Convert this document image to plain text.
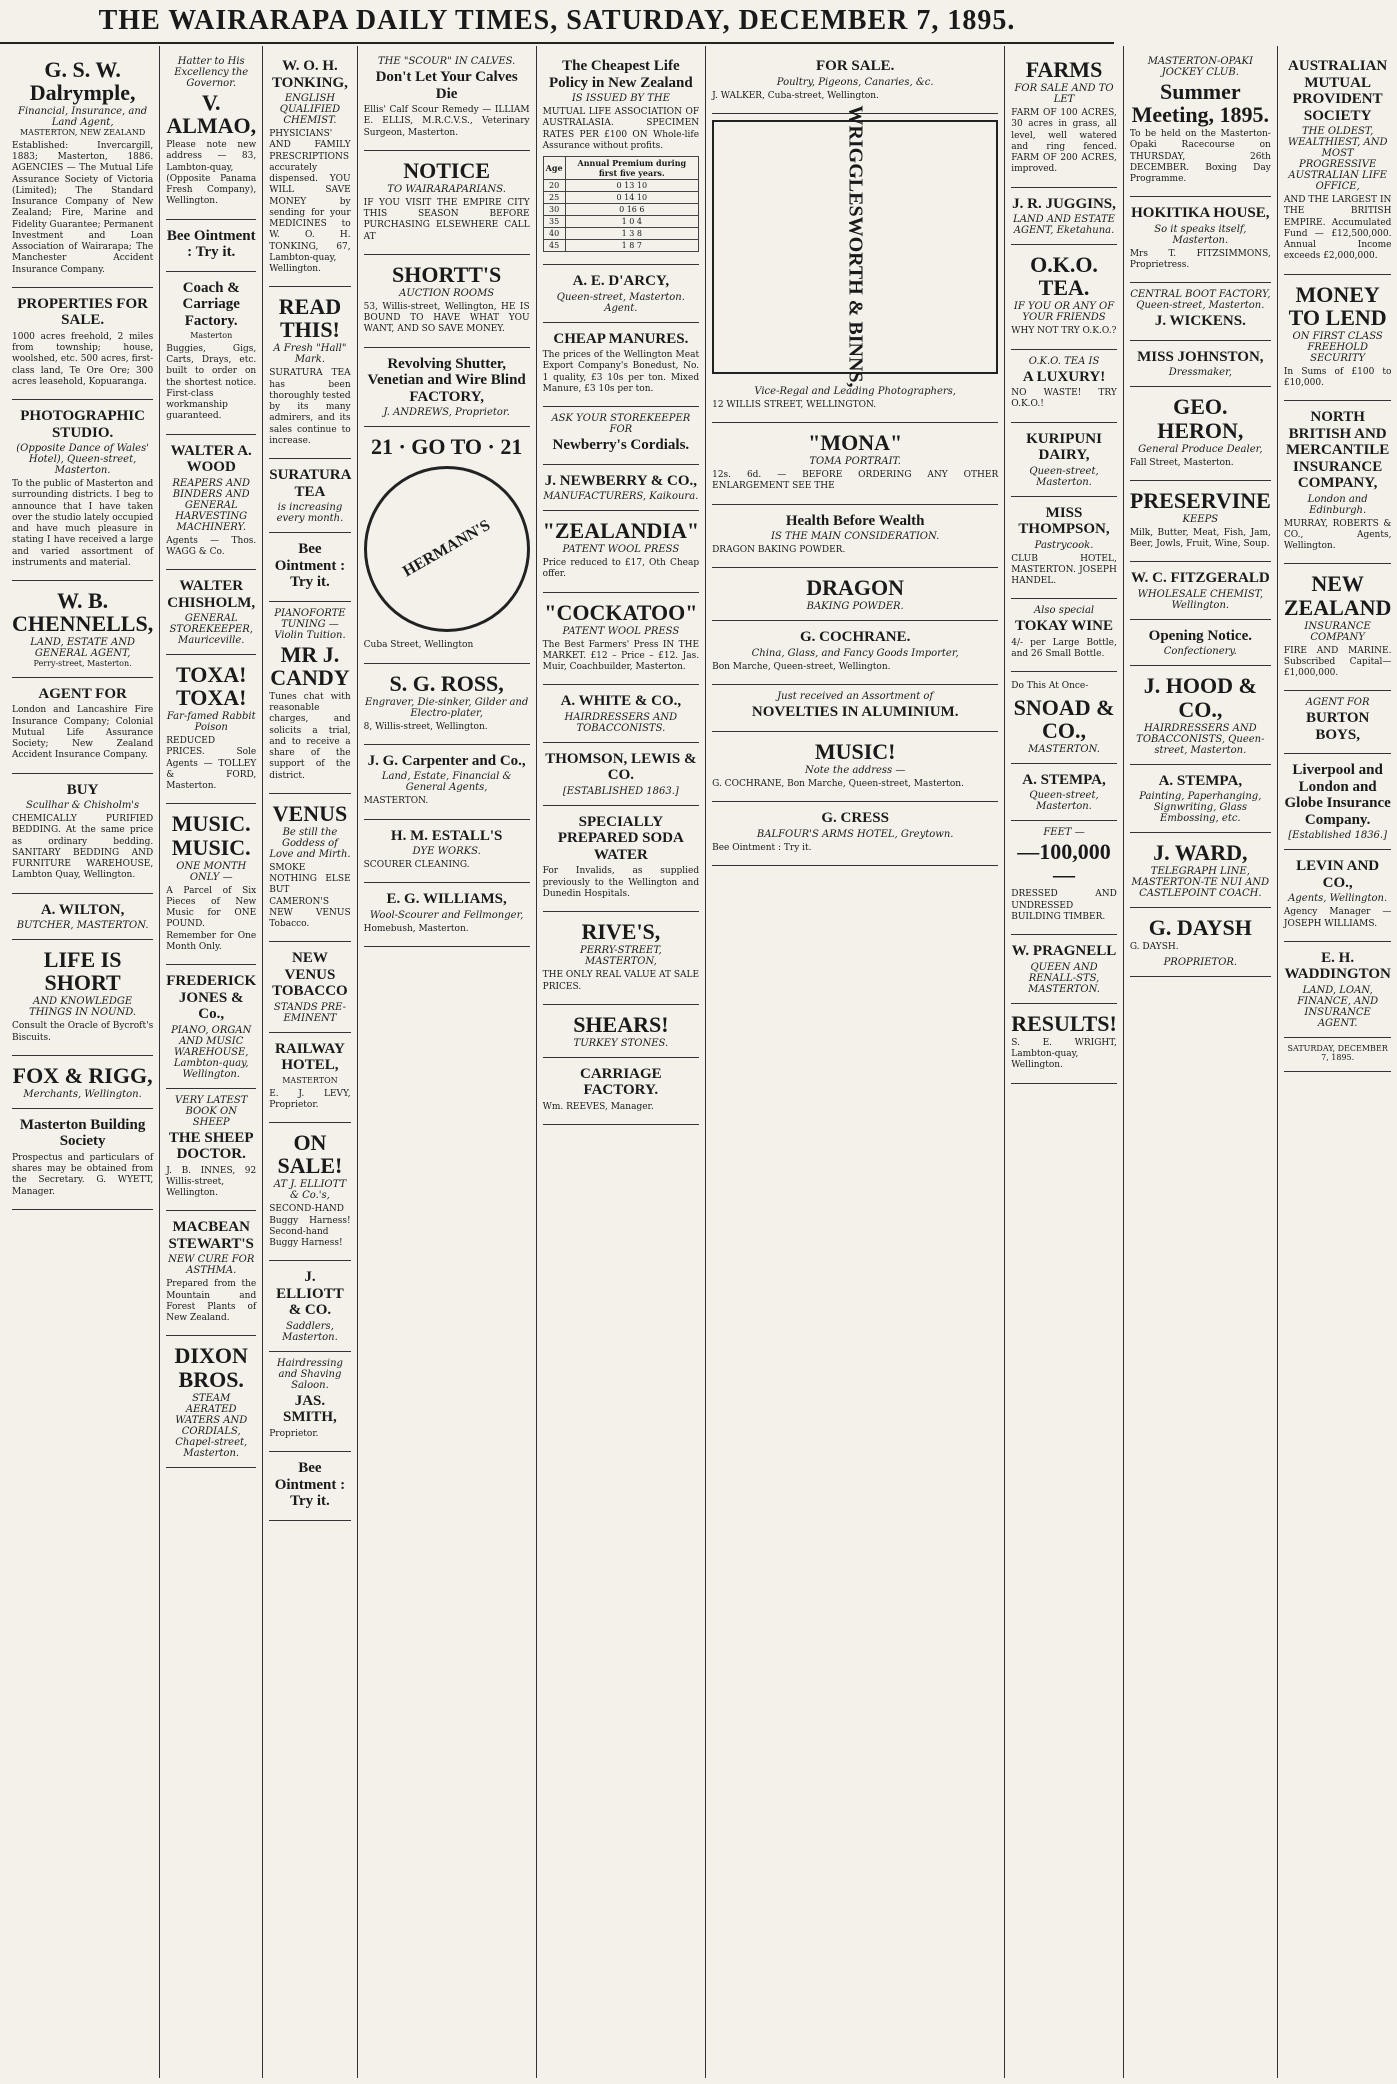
THE WAIRARAPA DAILY TIMES, SATURDAY, DECEMBER 7, 1895.
G. S. W. Dalrymple,
Financial, Insurance, and Land Agent,
MASTERTON, NEW ZEALAND

Established: Invercargill, 1883; Masterton, 1886. AGENCIES — The Mutual Life Assurance Society of Victoria (Limited); The Standard Insurance Company of New Zealand; Fire, Marine and Fidelity Guarantee; Permanent Investment and Loan Association of Wairarapa; The Manchester Accident Insurance Company.

PROPERTIES FOR SALE.

1000 acres freehold, 2 miles from township; house, woolshed, etc. 500 acres, first-class land, Te Ore Ore; 300 acres leasehold, Kopuaranga.

PHOTOGRAPHIC STUDIO.
(Opposite Dance of Wales' Hotel), Queen-street, Masterton.

To the public of Masterton and surrounding districts. I beg to announce that I have taken over the studio lately occupied and have much pleasure in stating I have received a large and varied assortment of instruments and material.

W. B. CHENNELLS,
LAND, ESTATE AND GENERAL AGENT,
Perry-street, Masterton.
AGENT FOR

London and Lancashire Fire Insurance Company; Colonial Mutual Life Assurance Society; New Zealand Accident Insurance Company.

BUY
Scullhar & Chisholm's

CHEMICALLY PURIFIED BEDDING. At the same price as ordinary bedding. SANITARY BEDDING AND FURNITURE WAREHOUSE, Lambton Quay, Wellington.

A. WILTON,
BUTCHER, MASTERTON.
LIFE IS SHORT
AND KNOWLEDGE THINGS IN NOUND.

Consult the Oracle of Bycroft's Biscuits.

FOX & RIGG,
Merchants, Wellington.
Masterton Building Society

Prospectus and particulars of shares may be obtained from the Secretary. G. WYETT, Manager.

Hatter to His Excellency the Governor.
V. ALMAO,

Please note new address — 83, Lambton-quay, (Opposite Panama Fresh Company), Wellington.

Bee Ointment : Try it.
Coach & Carriage Factory.
Masterton

Buggies, Gigs, Carts, Drays, etc. built to order on the shortest notice. First-class workmanship guaranteed.

WALTER A. WOOD
REAPERS AND BINDERS AND GENERAL HARVESTING MACHINERY.

Agents — Thos. WAGG & Co.

WALTER CHISHOLM,
GENERAL STOREKEEPER, Mauriceville.
TOXA! TOXA!
Far-famed Rabbit Poison

REDUCED PRICES. Sole Agents — TOLLEY & FORD, Masterton.

MUSIC. MUSIC.
ONE MONTH ONLY —

A Parcel of Six Pieces of New Music for ONE POUND. Remember for One Month Only.

FREDERICK JONES & Co.,
PIANO, ORGAN AND MUSIC WAREHOUSE, Lambton-quay, Wellington.
VERY LATEST BOOK ON SHEEP
THE SHEEP DOCTOR.

J. B. INNES, 92 Willis-street, Wellington.

MACBEAN STEWART'S
NEW CURE FOR ASTHMA.

Prepared from the Mountain and Forest Plants of New Zealand.

DIXON BROS.
STEAM AERATED WATERS AND CORDIALS, Chapel-street, Masterton.
W. O. H. TONKING,
ENGLISH QUALIFIED CHEMIST.

PHYSICIANS' AND FAMILY PRESCRIPTIONS accurately dispensed. YOU WILL SAVE MONEY by sending for your MEDICINES to W. O. H. TONKING, 67, Lambton-quay, Wellington.

READ THIS!
A Fresh "Hall" Mark.

SURATURA TEA has been thoroughly tested by its many admirers, and its sales continue to increase.

SURATURA TEA
is increasing every month.
Bee Ointment : Try it.
PIANOFORTE TUNING — Violin Tuition.
MR J. CANDY

Tunes chat with reasonable charges, and solicits a trial, and to receive a share of the support of the district.

VENUS
Be still the Goddess of Love and Mirth.

SMOKE NOTHING ELSE BUT CAMERON'S NEW VENUS Tobacco.

NEW VENUS TOBACCO
STANDS PRE-EMINENT
RAILWAY HOTEL,
MASTERTON

E. J. LEVY, Proprietor.

ON SALE!
AT J. ELLIOTT & Co.'s,

SECOND-HAND Buggy Harness! Second-hand Buggy Harness!

J. ELLIOTT & CO.
Saddlers, Masterton.
Hairdressing and Shaving Saloon.
JAS. SMITH,

Proprietor.

Bee Ointment : Try it.
THE "SCOUR" IN CALVES.
Don't Let Your Calves Die

Ellis' Calf Scour Remedy — ILLIAM E. ELLIS, M.R.C.V.S., Veterinary Surgeon, Masterton.

NOTICE
TO WAIRARAPARIANS.

IF YOU VISIT THE EMPIRE CITY THIS SEASON BEFORE PURCHASING ELSEWHERE CALL AT

SHORTT'S
AUCTION ROOMS

53, Willis-street, Wellington, HE IS BOUND TO HAVE WHAT YOU WANT, AND SO SAVE MONEY.

Revolving Shutter, Venetian and Wire Blind FACTORY,
J. ANDREWS, Proprietor.
21 · GO TO · 21
HERMANN'S

Cuba Street, Wellington

S. G. ROSS,
Engraver, Die-sinker, Gilder and Electro-plater,

8, Willis-street, Wellington.

J. G. Carpenter and Co.,
Land, Estate, Financial & General Agents,

MASTERTON.

H. M. ESTALL'S
DYE WORKS.

SCOURER CLEANING.

E. G. WILLIAMS,
Wool-Scourer and Fellmonger,

Homebush, Masterton.

The Cheapest Life Policy in New Zealand
IS ISSUED BY THE

MUTUAL LIFE ASSOCIATION OF AUSTRALASIA. SPECIMEN RATES PER £100 ON Whole-life Assurance without profits.

Age	Annual Premium during first five years.
20	0 13 10
25	0 14 10
30	0 16 6
35	1 0 4
40	1 3 8
45	1 8 7
A. E. D'ARCY,
Queen-street, Masterton. Agent.
CHEAP MANURES.

The prices of the Wellington Meat Export Company's Bonedust, No. 1 quality, £3 10s per ton. Mixed Manure, £3 10s per ton.

ASK YOUR STOREKEEPER FOR
Newberry's Cordials.
J. NEWBERRY & CO.,
MANUFACTURERS, Kaikoura.
"ZEALANDIA"
PATENT WOOL PRESS

Price reduced to £17, Oth Cheap offer.

"COCKATOO"
PATENT WOOL PRESS

The Best Farmers' Press IN THE MARKET. £12 – Price – £12. Jas. Muir, Coachbuilder, Masterton.

A. WHITE & CO.,
HAIRDRESSERS AND TOBACCONISTS.
THOMSON, LEWIS & CO.
[ESTABLISHED 1863.]
SPECIALLY PREPARED SODA WATER

For Invalids, as supplied previously to the Wellington and Dunedin Hospitals.

RIVE'S,
PERRY-STREET, MASTERTON,

THE ONLY REAL VALUE AT SALE PRICES.

SHEARS!
TURKEY STONES.
CARRIAGE FACTORY.

Wm. REEVES, Manager.

FOR SALE.
Poultry, Pigeons, Canaries, &c.

J. WALKER, Cuba-street, Wellington.

WRIGGLESWORTH & BINNS,
Vice-Regal and Leading Photographers,

12 WILLIS STREET, WELLINGTON.

"MONA"
TOMA PORTRAIT.

12s. 6d. — BEFORE ORDERING ANY OTHER ENLARGEMENT SEE THE

Health Before Wealth
IS THE MAIN CONSIDERATION.

DRAGON BAKING POWDER.

DRAGON
BAKING POWDER.
G. COCHRANE.
China, Glass, and Fancy Goods Importer,

Bon Marche, Queen-street, Wellington.

Just received an Assortment of
NOVELTIES IN ALUMINIUM.
MUSIC!
Note the address —

G. COCHRANE, Bon Marche, Queen-street, Masterton.

G. CRESS
BALFOUR'S ARMS HOTEL, Greytown.

Bee Ointment : Try it.

FARMS
FOR SALE AND TO LET

FARM OF 100 ACRES, 30 acres in grass, all level, well watered and ring fenced. FARM OF 200 ACRES, improved.

J. R. JUGGINS,
LAND AND ESTATE AGENT, Eketahuna.
O.K.O. TEA.
IF YOU OR ANY OF YOUR FRIENDS

WHY NOT TRY O.K.O.?

O.K.O. TEA IS
A LUXURY!

NO WASTE! TRY O.K.O.!

KURIPUNI DAIRY,
Queen-street, Masterton.
MISS THOMPSON,
Pastrycook.

CLUB HOTEL, MASTERTON. JOSEPH HANDEL.

Also special
TOKAY WINE

4/- per Large Bottle, and 26 Small Bottle.

Do This At Once-

SNOAD & CO.,
MASTERTON.
A. STEMPA,
Queen-street, Masterton.
FEET —
—100,000—

DRESSED AND UNDRESSED BUILDING TIMBER.

W. PRAGNELL
QUEEN AND RENALL-STS, MASTERTON.
RESULTS!

S. E. WRIGHT, Lambton-quay, Wellington.

MASTERTON-OPAKI JOCKEY CLUB.
Summer Meeting, 1895.

To be held on the Masterton-Opaki Racecourse on THURSDAY, 26th DECEMBER. Boxing Day Programme.

HOKITIKA HOUSE,
So it speaks itself, Masterton.

Mrs T. FITZSIMMONS, Proprietress.

CENTRAL BOOT FACTORY, Queen-street, Masterton.
J. WICKENS.
MISS JOHNSTON,
Dressmaker,
GEO. HERON,
General Produce Dealer,

Fall Street, Masterton.

PRESERVINE
KEEPS

Milk, Butter, Meat, Fish, Jam, Beer, Jowls, Fruit, Wine, Soup.

W. C. FITZGERALD
WHOLESALE CHEMIST, Wellington.
Opening Notice.
Confectionery.
J. HOOD & CO.,
HAIRDRESSERS AND TOBACCONISTS, Queen-street, Masterton.
A. STEMPA,
Painting, Paperhanging, Signwriting, Glass Embossing, etc.
J. WARD,
TELEGRAPH LINE, MASTERTON-TE NUI AND CASTLEPOINT COACH.
G. DAYSH

G. DAYSH.

PROPRIETOR.
AUSTRALIAN MUTUAL PROVIDENT SOCIETY
THE OLDEST, WEALTHIEST, AND MOST PROGRESSIVE AUSTRALIAN LIFE OFFICE,

AND THE LARGEST IN THE BRITISH EMPIRE. Accumulated Fund — £12,500,000. Annual Income exceeds £2,000,000.

MONEY TO LEND
ON FIRST CLASS FREEHOLD SECURITY

In Sums of £100 to £10,000.

NORTH BRITISH AND MERCANTILE INSURANCE COMPANY,
London and Edinburgh.

MURRAY, ROBERTS & CO., Agents, Wellington.

NEW ZEALAND
INSURANCE COMPANY

FIRE AND MARINE. Subscribed Capital—£1,000,000.

AGENT FOR
BURTON BOYS,
Liverpool and London and Globe Insurance Company.
[Established 1836.]
LEVIN AND CO.,
Agents, Wellington.

Agency Manager — JOSEPH WILLIAMS.

E. H. WADDINGTON
LAND, LOAN, FINANCE, AND INSURANCE AGENT.
SATURDAY, DECEMBER 7, 1895.
